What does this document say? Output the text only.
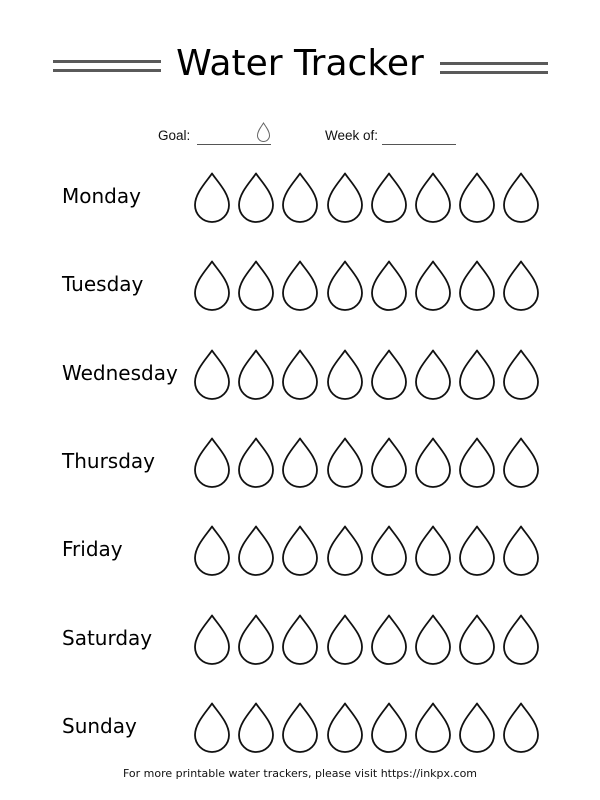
Water Tracker
Goal:	Week of:
Monday
Tuesday
Wednesday
Thursday
Friday
Saturday
Sunday
For more printable water trackers, please visit https://inkpx.com
